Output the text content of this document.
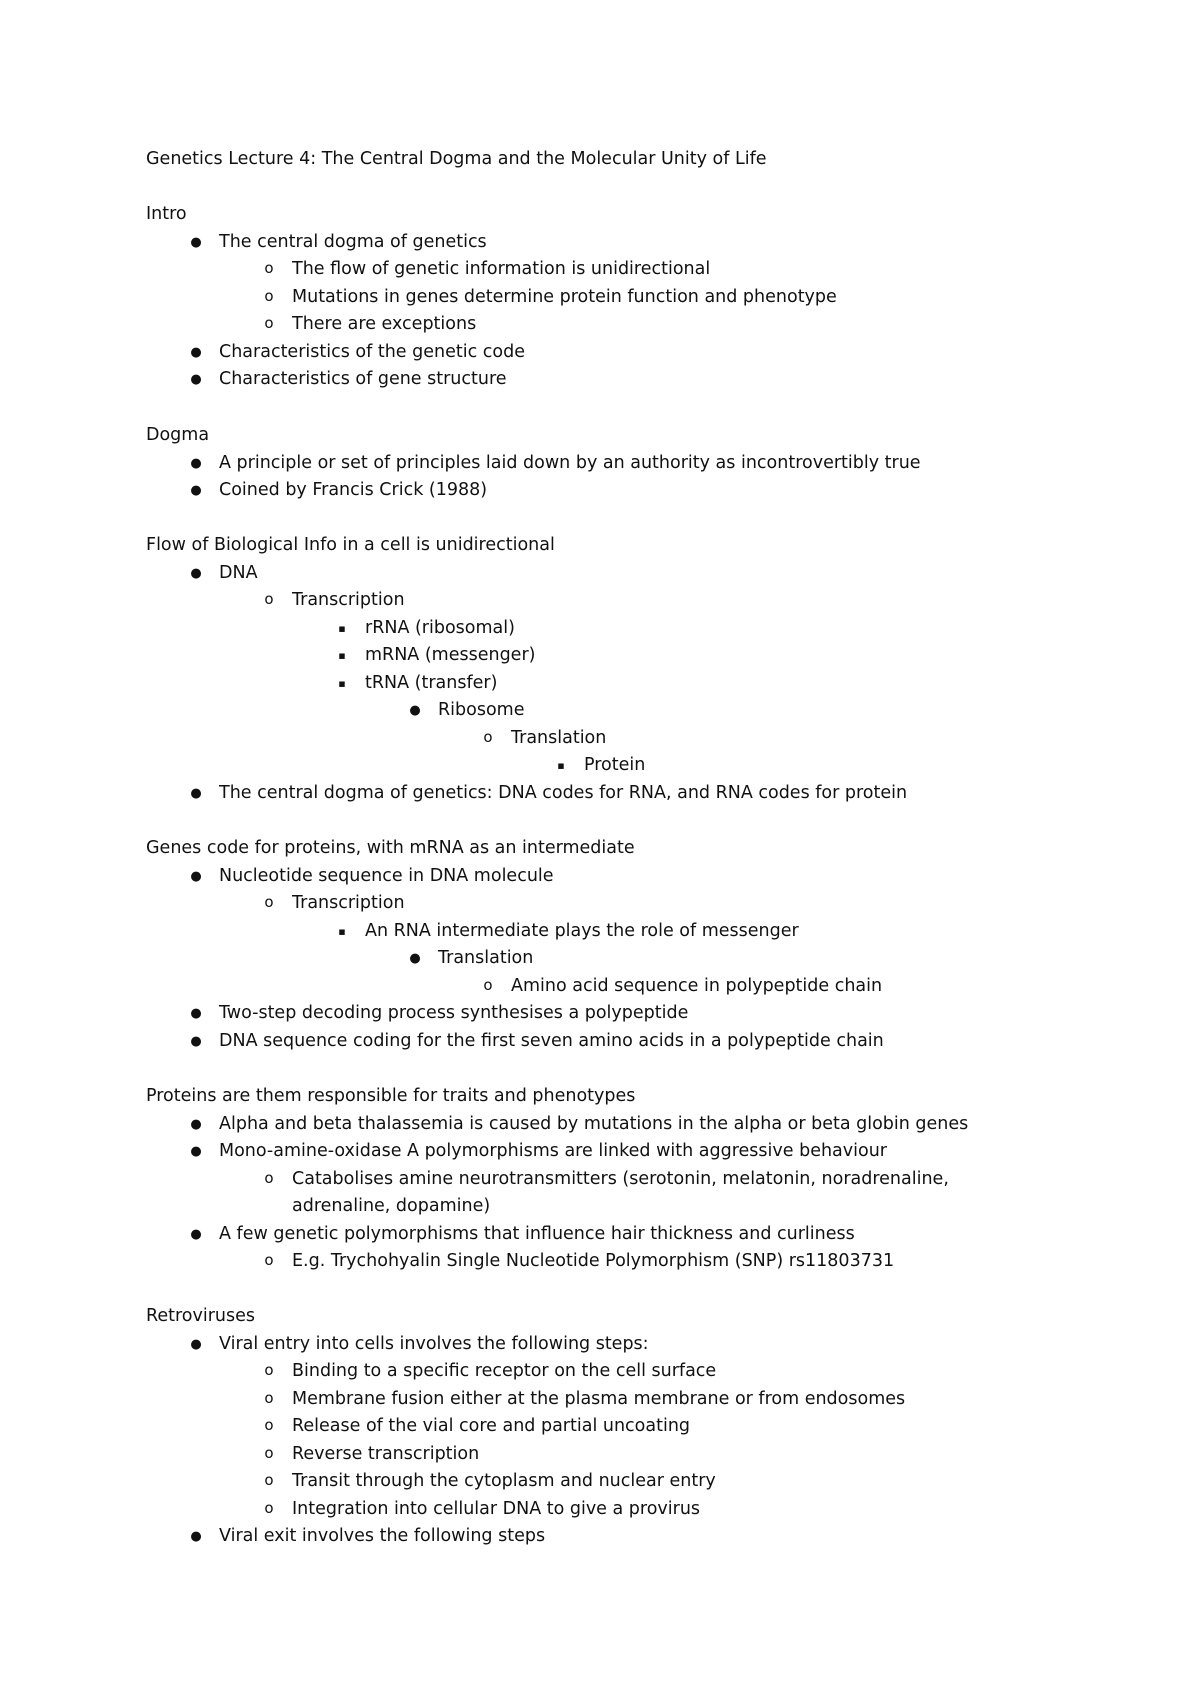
Genetics Lecture 4: The Central Dogma and the Molecular Unity of Life
Intro
● The central dogma of genetics
o The flow of genetic information is unidirectional
o Mutations in genes determine protein function and phenotype
o There are exceptions
● Characteristics of the genetic code
● Characteristics of gene structure
Dogma
● A principle or set of principles laid down by an authority as incontrovertibly true
● Coined by Francis Crick (1988)
Flow of Biological Info in a cell is unidirectional
● DNA
o Transcription
▪	rRNA (ribosomal)
▪	mRNA (messenger)
▪	tRNA (transfer)
● Ribosome
o Translation
▪	Protein
● The central dogma of genetics: DNA codes for RNA, and RNA codes for protein
Genes code for proteins, with mRNA as an intermediate
● Nucleotide sequence in DNA molecule
o Transcription
▪	An RNA intermediate plays the role of messenger
● Translation
o Amino acid sequence in polypeptide chain
● Two-step decoding process synthesises a polypeptide
● DNA sequence coding for the first seven amino acids in a polypeptide chain
Proteins are them responsible for traits and phenotypes
● Alpha and beta thalassemia is caused by mutations in the alpha or beta globin genes
● Mono-amine-oxidase A polymorphisms are linked with aggressive behaviour
o Catabolises amine neurotransmitters (serotonin, melatonin, noradrenaline, adrenaline, dopamine)
● A few genetic polymorphisms that influence hair thickness and curliness
o E.g. Trychohyalin Single Nucleotide Polymorphism (SNP) rs11803731
Retroviruses
● Viral entry into cells involves the following steps:
o Binding to a specific receptor on the cell surface
o Membrane fusion either at the plasma membrane or from endosomes
o Release of the vial core and partial uncoating
o Reverse transcription
o Transit through the cytoplasm and nuclear entry
o Integration into cellular DNA to give a provirus
● Viral exit involves the following steps
